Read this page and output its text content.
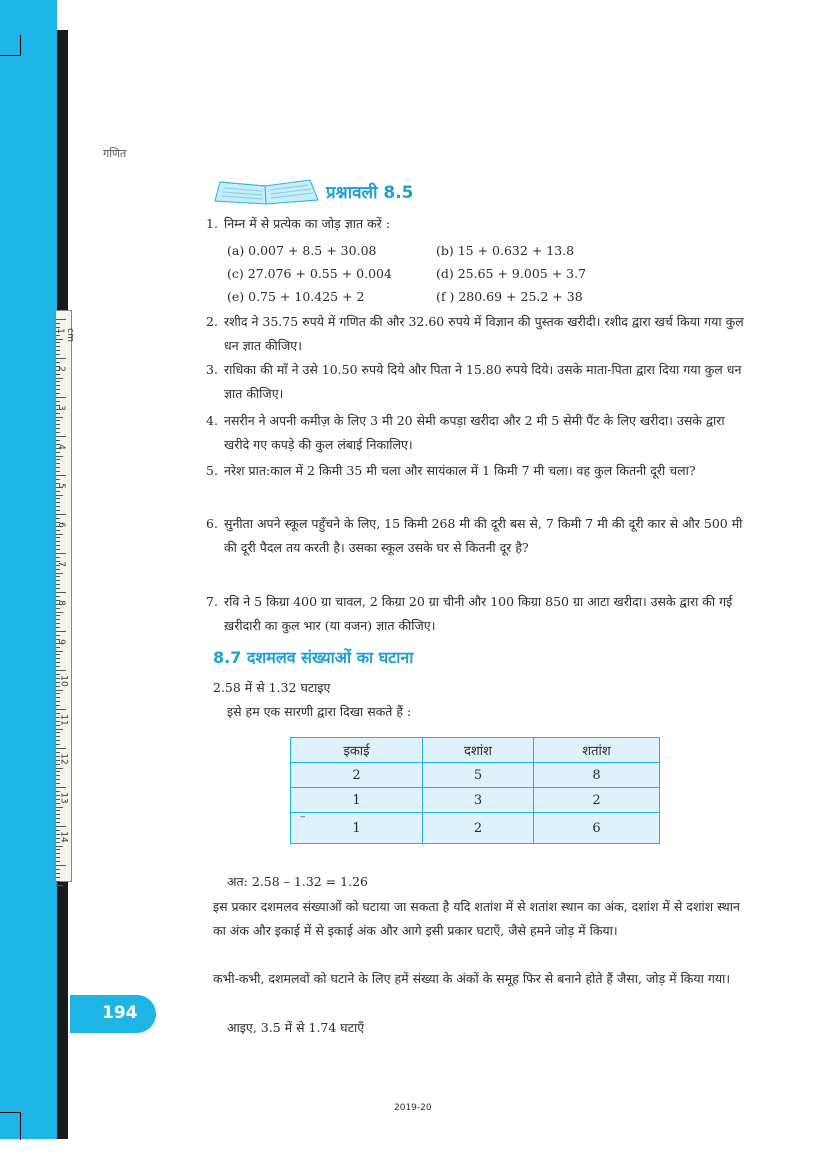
cm 1
2
3
4
5
6
7
8
9
10
11
12
13
14
गणित
प्रश्नावली 8.5
1. निम्न में से प्रत्येक का जोड़ ज्ञात करें :
(a) 0.007 + 8.5 + 30.08	(b) 15 + 0.632 + 13.8
(c) 27.076 + 0.55 + 0.004	(d) 25.65 + 9.005 + 3.7
(e) 0.75 + 10.425 + 2	(f ) 280.69 + 25.2 + 38
2. रशीद ने 35.75 रुपये में गणित की और 32.60 रुपये में विज्ञान की पुस्तक खरीदी। रशीद द्वारा खर्च किया गया कुल धन ज्ञात कीजिए।
3. राधिका की माँ ने उसे 10.50 रुपये दिये और पिता ने 15.80 रुपये दिये। उसके माता-पिता द्वारा दिया गया कुल धन ज्ञात कीजिए।
4. नसरीन ने अपनी कमीज़ के लिए 3 मी 20 सेमी कपड़ा खरीदा और 2 मी 5 सेमी पैंट के लिए खरीदा। उसके द्वारा खरीदे गए कपड़े की कुल लंबाई निकालिए।
5. नरेश प्रात:काल में 2 किमी 35 मी चला और सायंकाल में 1 किमी 7 मी चला। वह कुल कितनी दूरी चला?
6. सुनीता अपने स्कूल पहुँचने के लिए, 15 किमी 268 मी की दूरी बस से, 7 किमी 7 मी की दूरी कार से और 500 मी की दूरी पैदल तय करती है। उसका स्कूल उसके घर से कितनी दूर है?
7. रवि ने 5 किग्रा 400 ग्रा चावल, 2 किग्रा 20 ग्रा चीनी और 100 किग्रा 850 ग्रा आटा खरीदा। उसके द्वारा की गई ख़रीदारी का कुल भार (या वजन) ज्ञात कीजिए।
8.7 दशमलव संख्याओं का घटाना
2.58 में से 1.32 घटाइए
इसे हम एक सारणी द्वारा दिखा सकते हैं :
इकाई	दशांश	शतांश
2	5	8
1	3	2
1	2	6
–
अत: 2.58 – 1.32 = 1.26
इस प्रकार दशमलव संख्याओं को घटाया जा सकता है यदि शतांश में से शतांश स्थान का अंक, दशांश में से दशांश स्थान का अंक और इकाई में से इकाई अंक और आगे इसी प्रकार घटाएँ, जैसे हमने जोड़ में किया।
कभी-कभी, दशमलवों को घटाने के लिए हमें संख्या के अंकों के समूह फिर से बनाने होते हैं जैसा, जोड़ में किया गया।
आइए, 3.5 में से 1.74 घटाएँ
194
2019-20
